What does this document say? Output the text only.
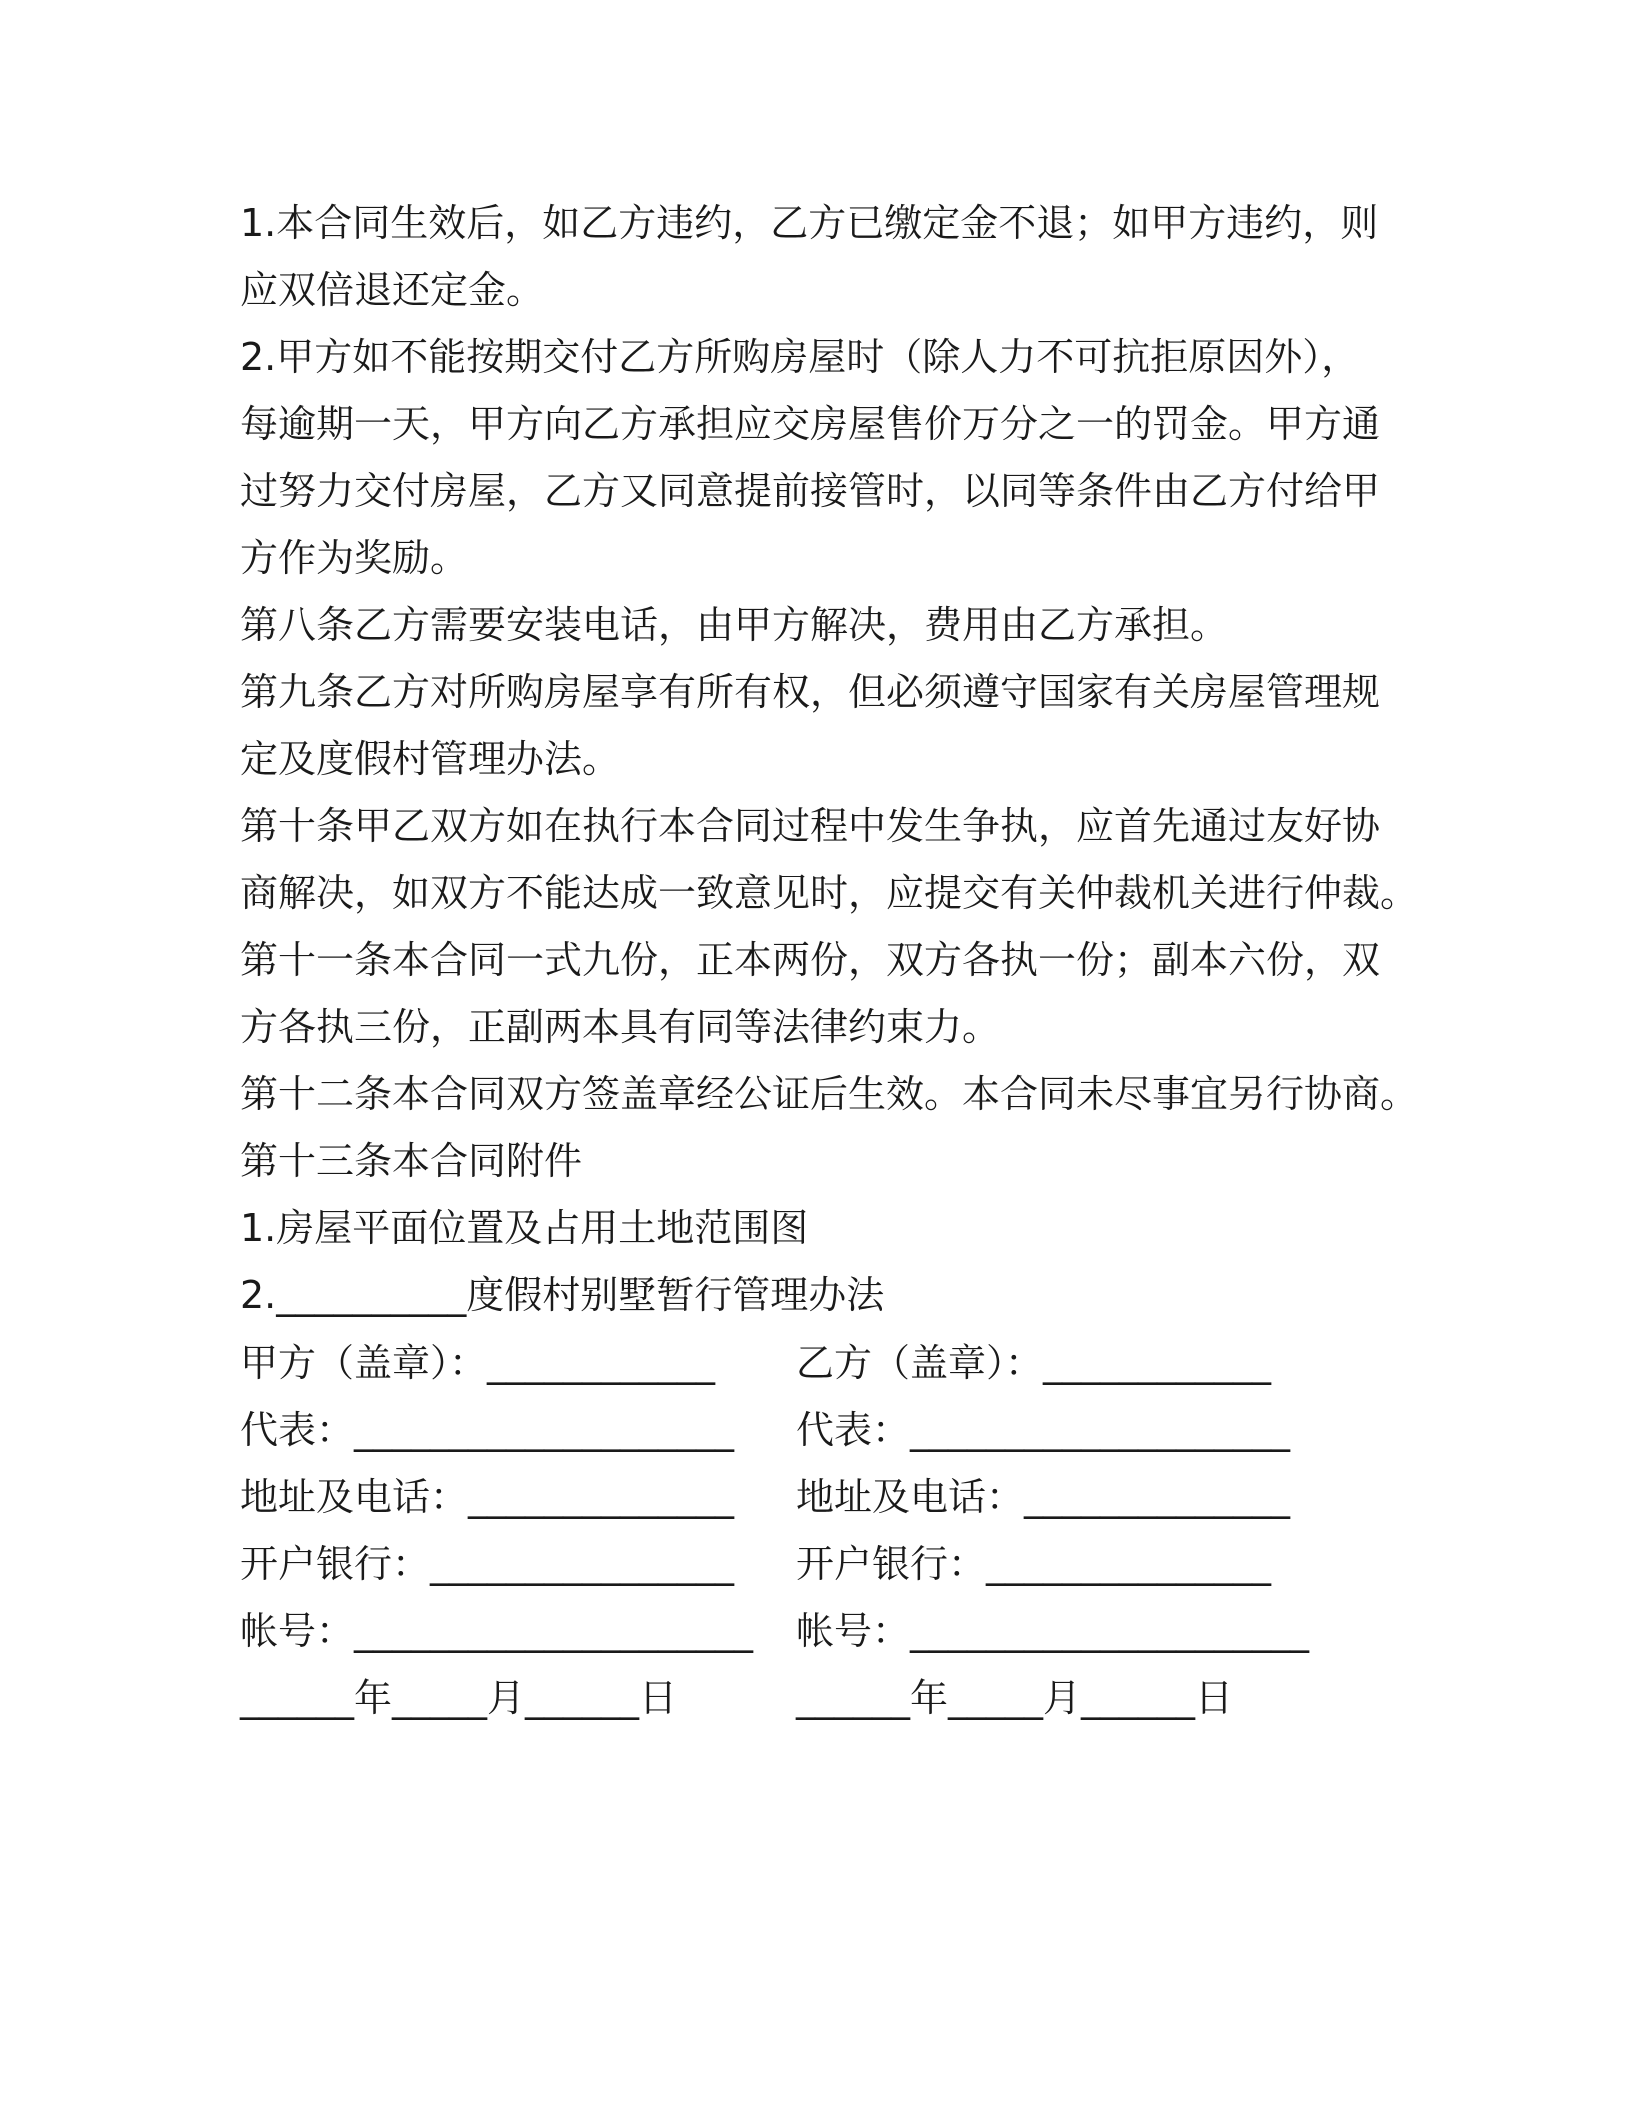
1.本合同生效后，如乙方违约，乙方已缴定金不退；如甲方违约，则
应双倍退还定金。
2.甲方如不能按期交付乙方所购房屋时（除人力不可抗拒原因外），
每逾期一天，甲方向乙方承担应交房屋售价万分之一的罚金。甲方通
过努力交付房屋，乙方又同意提前接管时，以同等条件由乙方付给甲
方作为奖励。
第八条乙方需要安装电话，由甲方解决，费用由乙方承担。
第九条乙方对所购房屋享有所有权，但必须遵守国家有关房屋管理规
定及度假村管理办法。
第十条甲乙双方如在执行本合同过程中发生争执，应首先通过友好协
商解决，如双方不能达成一致意见时，应提交有关仲裁机关进行仲裁。
第十一条本合同一式九份，正本两份，双方各执一份；副本六份，双
方各执三份，正副两本具有同等法律约束力。
第十二条本合同双方签盖章经公证后生效。本合同未尽事宜另行协商。
第十三条本合同附件
1.房屋平面位置及占用土地范围图
2.__________度假村别墅暂行管理办法
甲方（盖章）：____________ 乙方（盖章）：____________
代表：____________________ 代表：____________________
地址及电话：______________ 地址及电话：______________
开户银行：________________ 开户银行：_______________
帐号：_____________________ 帐号：_____________________
______年_____月______日	______年_____月______日
